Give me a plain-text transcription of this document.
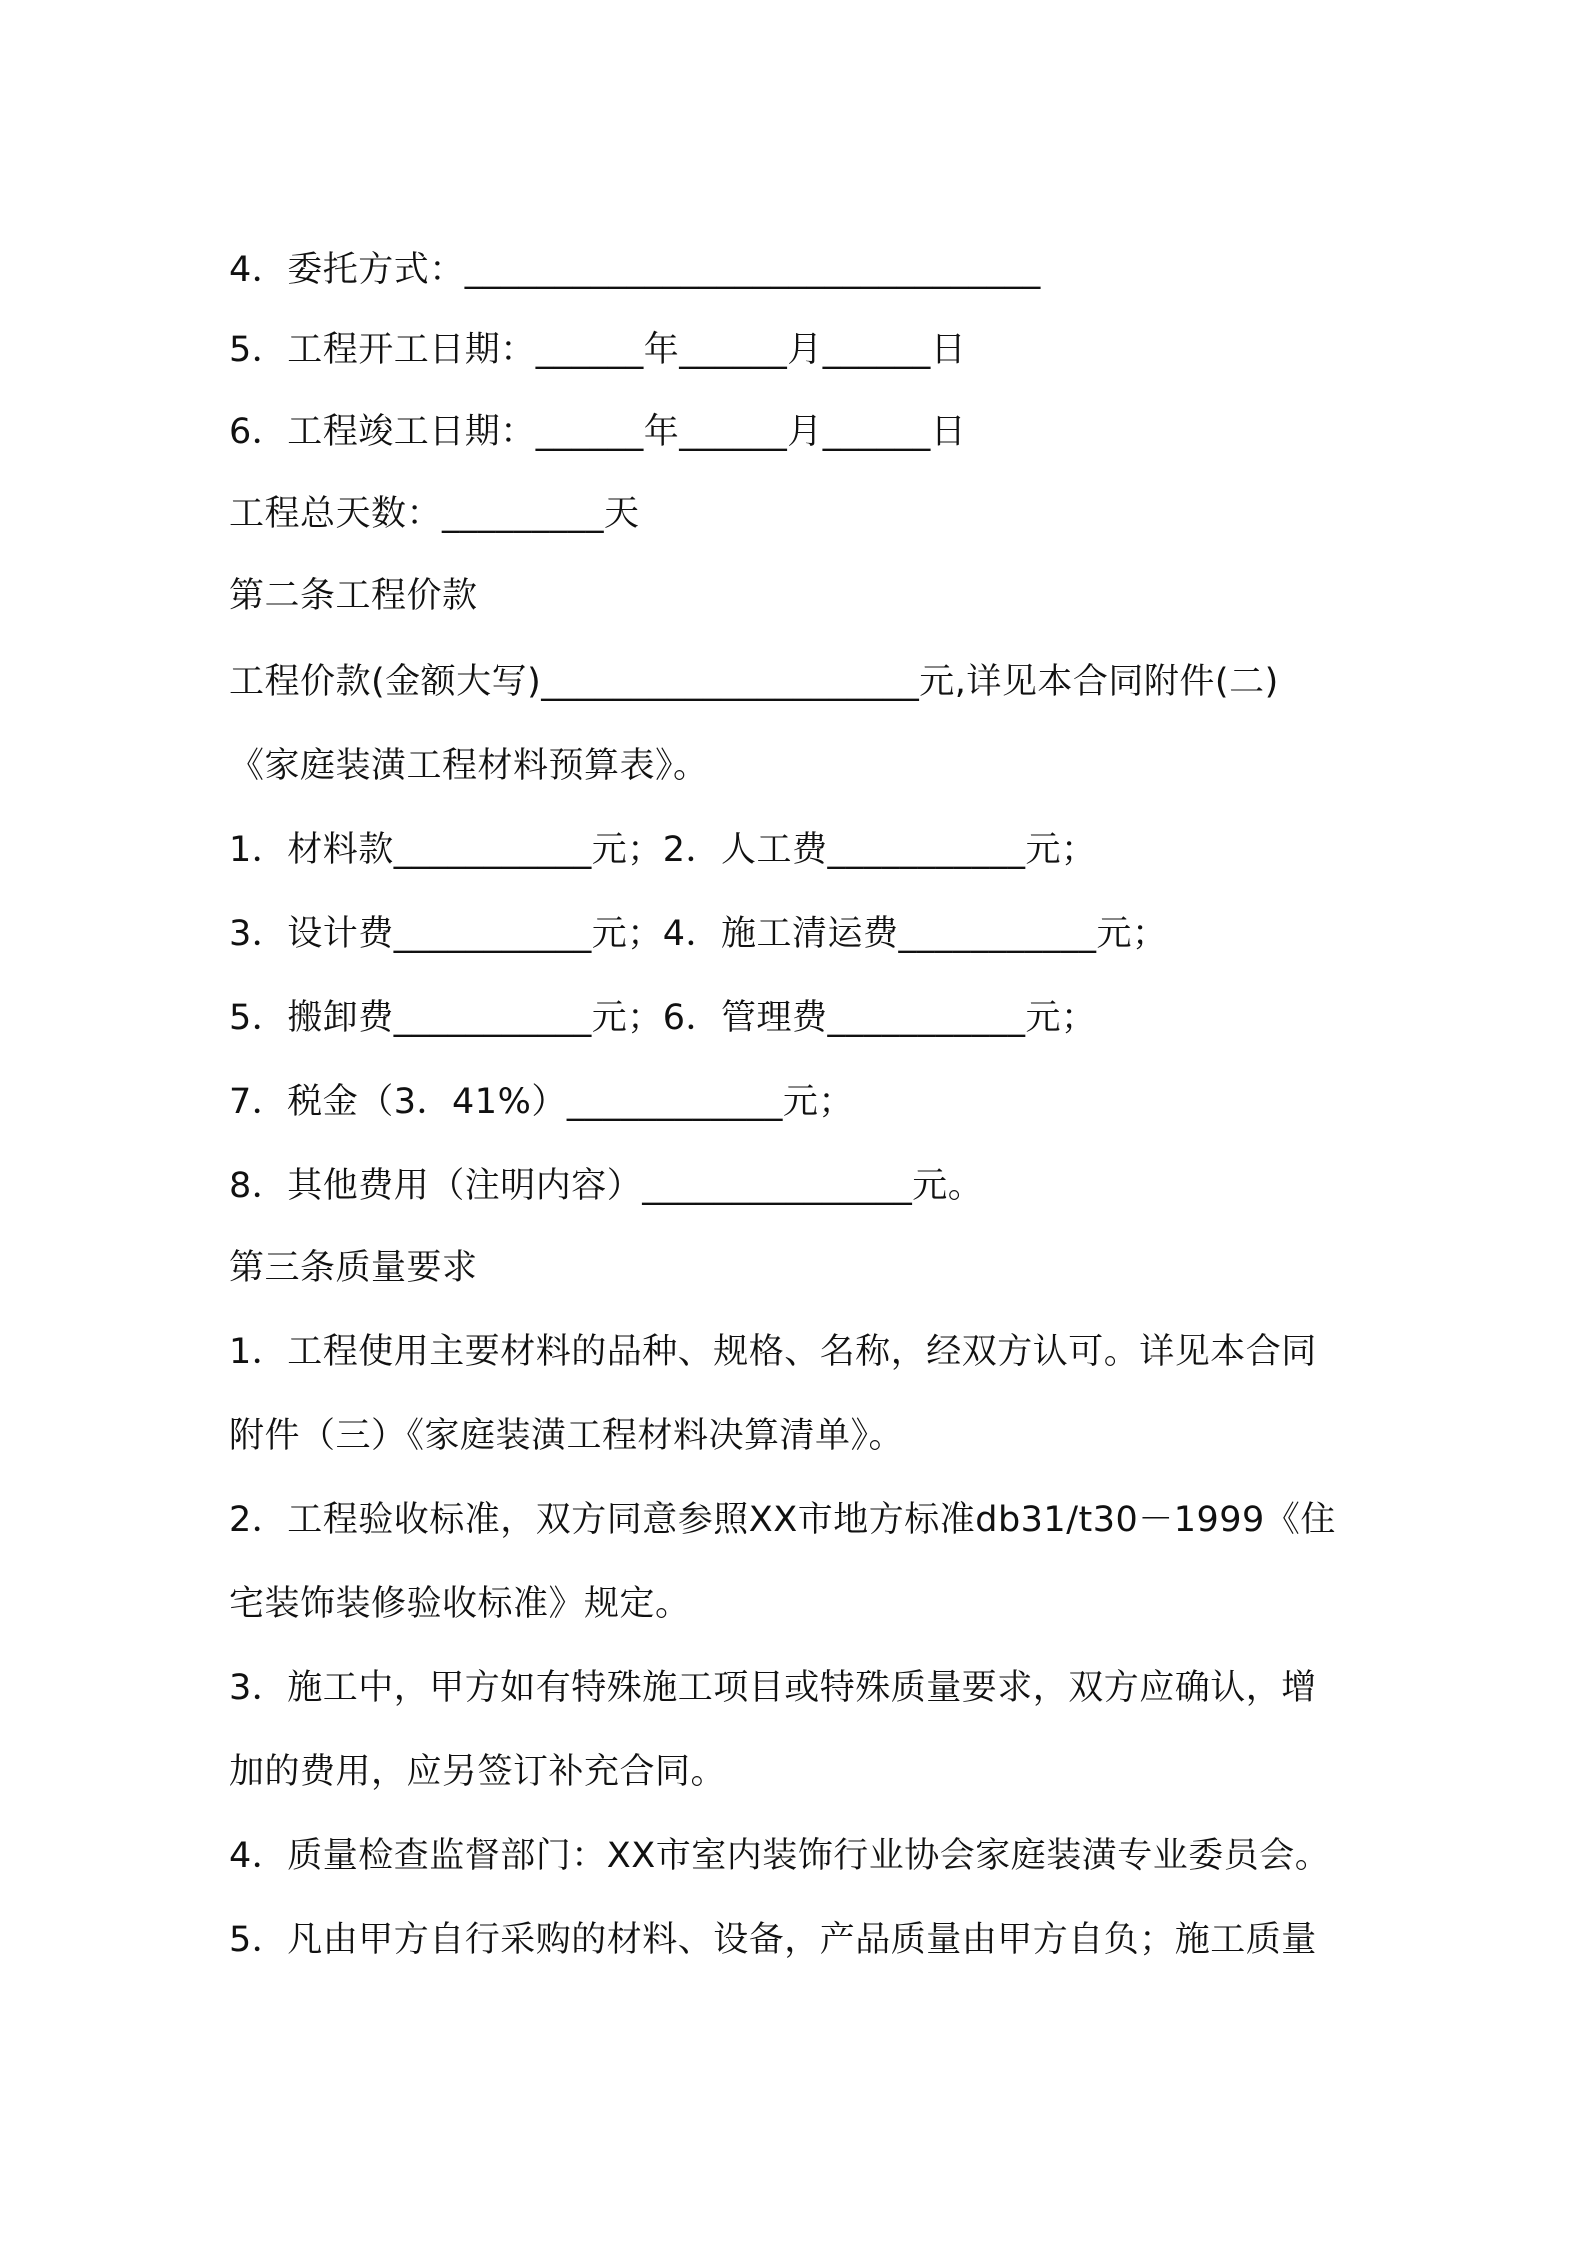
4．委托方式：________________________________
5．工程开工日期：______年______月______日
6．工程竣工日期：______年______月______日
工程总天数：_________天
第二条工程价款
工程价款(金额大写)_____________________元,详见本合同附件(二)
《家庭装潢工程材料预算表》。
1．材料款___________元；2．人工费___________元；
3．设计费___________元；4．施工清运费___________元；
5．搬卸费___________元；6．管理费___________元；
7．税金（3．41%）____________元；
8．其他费用（注明内容）_______________元。
第三条质量要求
1．工程使用主要材料的品种、规格、名称，经双方认可。详见本合同
附件（三）《家庭装潢工程材料决算清单》。
2．工程验收标准，双方同意参照XX市地方标准db31/t30－1999《住
宅装饰装修验收标准》规定。
3．施工中，甲方如有特殊施工项目或特殊质量要求，双方应确认，增
加的费用，应另签订补充合同。
4．质量检查监督部门：XX市室内装饰行业协会家庭装潢专业委员会。
5．凡由甲方自行采购的材料、设备，产品质量由甲方自负；施工质量
